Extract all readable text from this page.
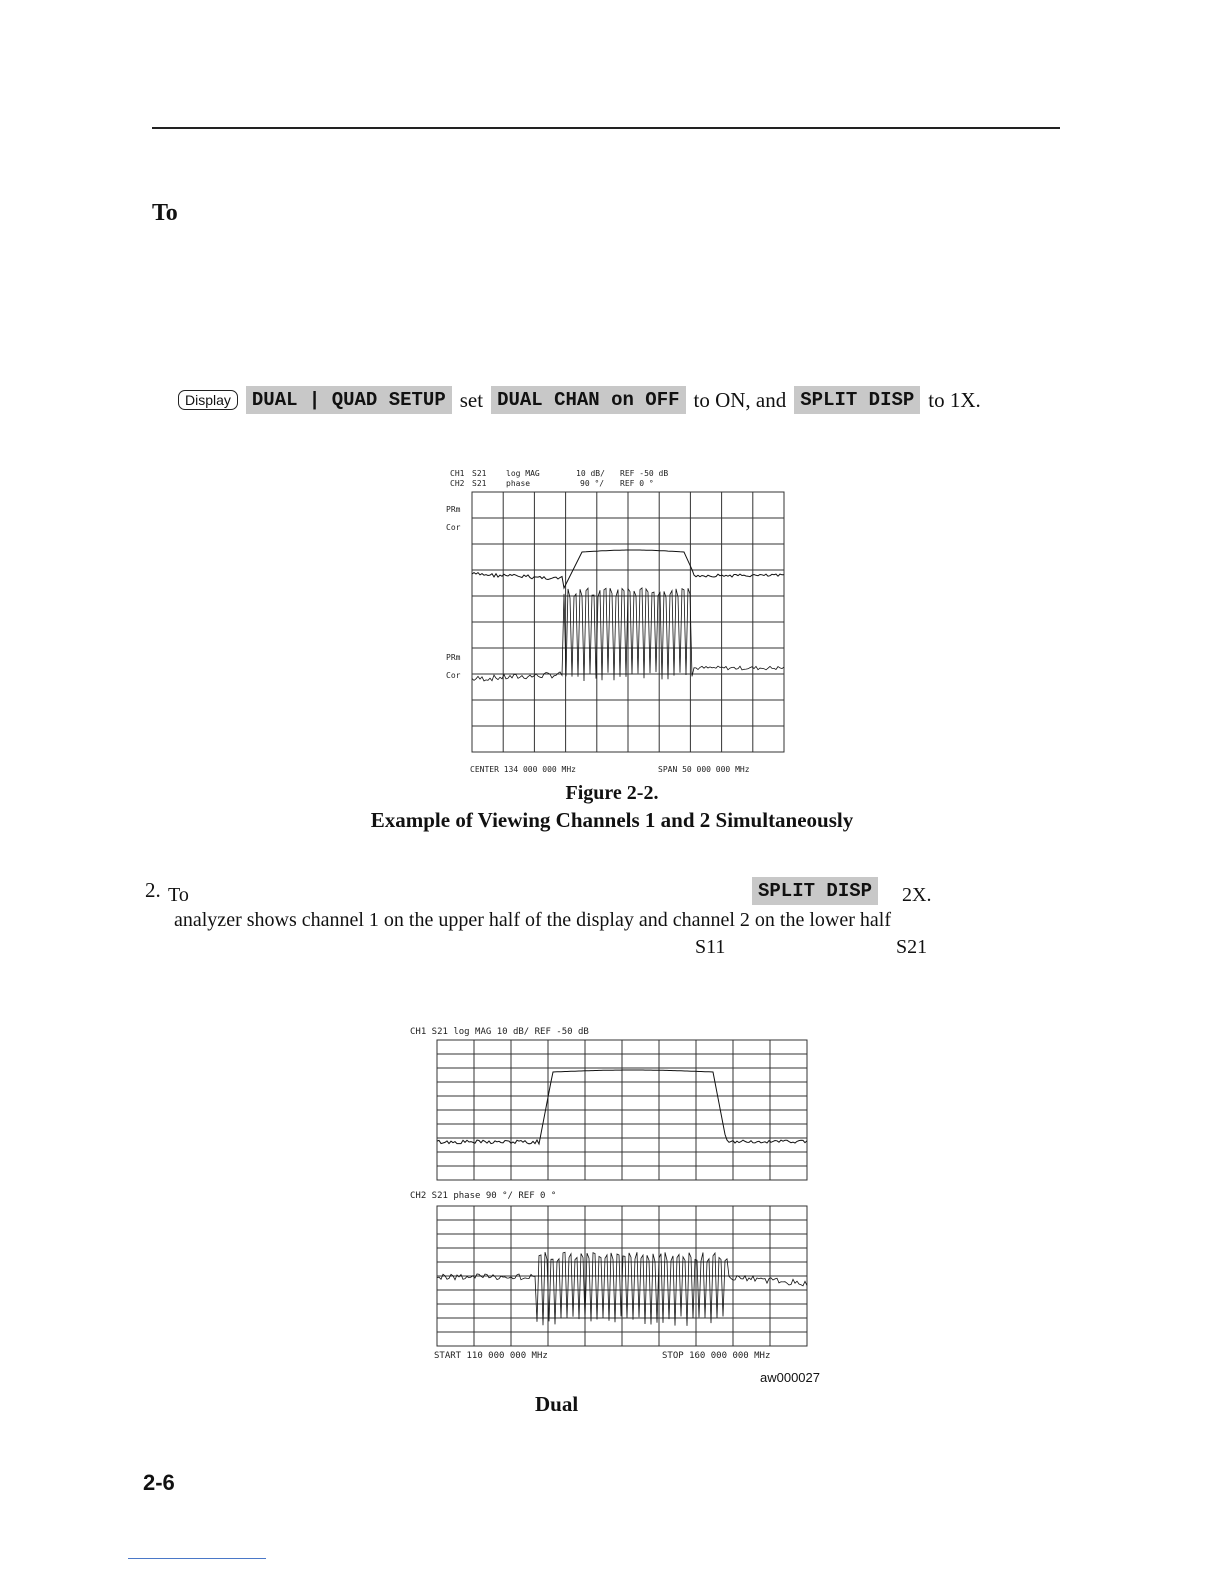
To
Display	DUAL | QUAD SETUP set DUAL CHAN on OFF to ON, and SPLIT DISP to 1X.
CH1 S21 log MAG	10 dB/ REF -50 dB
CH2 S21 phase	90 °/ REF 0 °
PRm
Cor
PRm
Cor
CENTER 134 000 000 MHz	SPAN 50 000 000 MHz
Figure 2-2.
Example of Viewing Channels 1 and 2 Simultaneously
2. To	SPLIT DISP	2X.
analyzer shows channel 1 on the upper half of the display and channel 2 on the lower half
S11	S21
CH1 S21 log MAG 10 dB/ REF -50 dB
CH2 S21 phase 90 °/ REF 0 °
START 110 000 000 MHz	STOP 160 000 000 MHz
aw000027
Dual
2-6
